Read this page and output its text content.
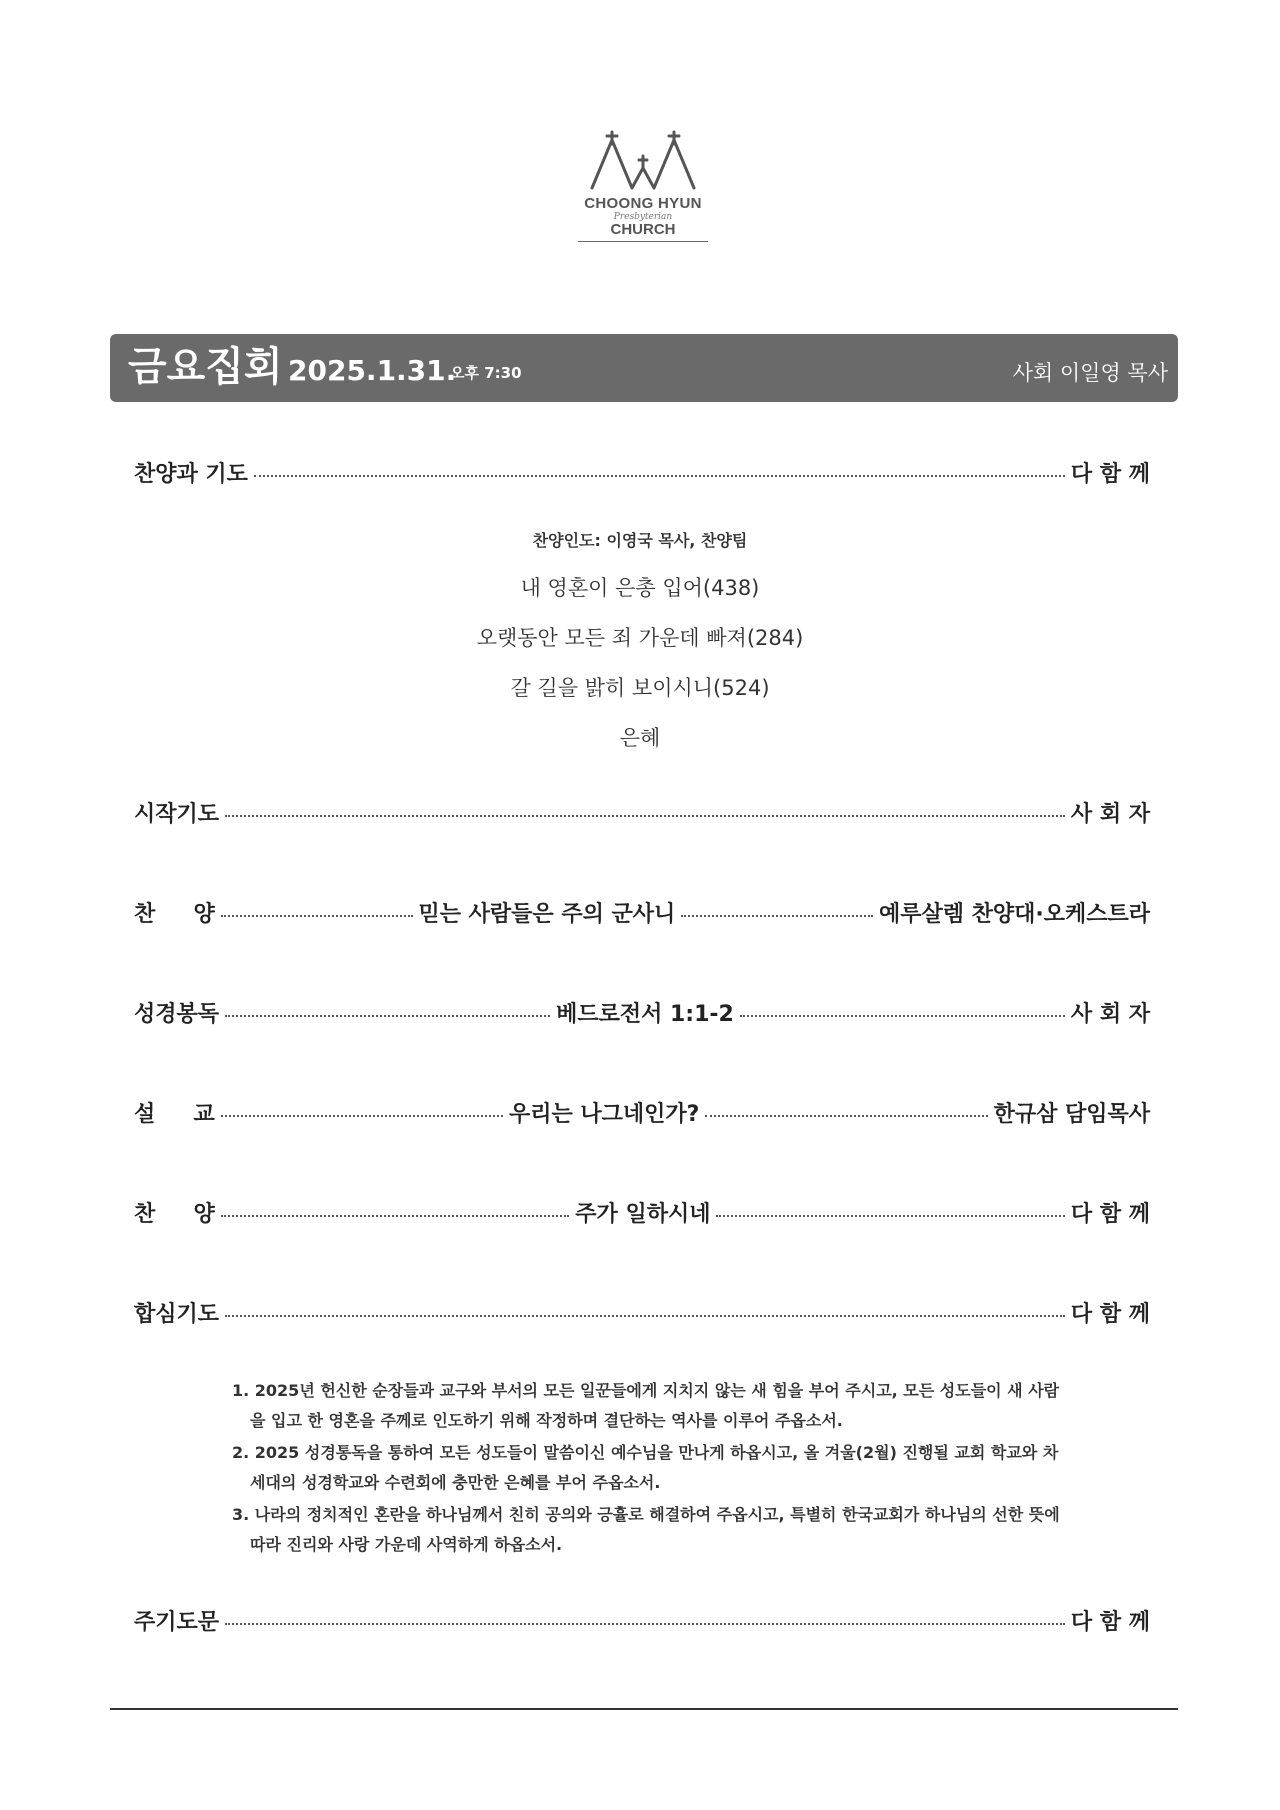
CHOONG HYUN
Presbyterian
CHURCH
금요집회 2025.1.31.
오후 7:30	사회 이일영 목사
찬양과 기도	다 함 께
찬양인도: 이영국 목사, 찬양팀
내 영혼이 은총 입어(438)
오랫동안 모든 죄 가운데 빠져(284)
갈 길을 밝히 보이시니(524)
은혜
시작기도	사 회 자
찬     양	믿는 사람들은 주의 군사니	예루살렘 찬양대·오케스트라
성경봉독	베드로전서 1:1-2	사 회 자
설     교	우리는 나그네인가?	한규삼 담임목사
찬     양	주가 일하시네	다 함 께
합심기도	다 함 께
1. 2025년 헌신한 순장들과 교구와 부서의 모든 일꾼들에게 지치지 않는 새 힘을 부어 주시고, 모든 성도들이 새 사람을 입고 한 영혼을 주께로 인도하기 위해 작정하며 결단하는 역사를 이루어 주옵소서.
2. 2025 성경통독을 통하여 모든 성도들이 말씀이신 예수님을 만나게 하옵시고, 올 겨울(2월) 진행될 교회 학교와 차세대의 성경학교와 수련회에 충만한 은혜를 부어 주옵소서.
3. 나라의 정치적인 혼란을 하나님께서 친히 공의와 긍휼로 해결하여 주옵시고, 특별히 한국교회가 하나님의 선한 뜻에 따라 진리와 사랑 가운데 사역하게 하옵소서.
주기도문	다 함 께
